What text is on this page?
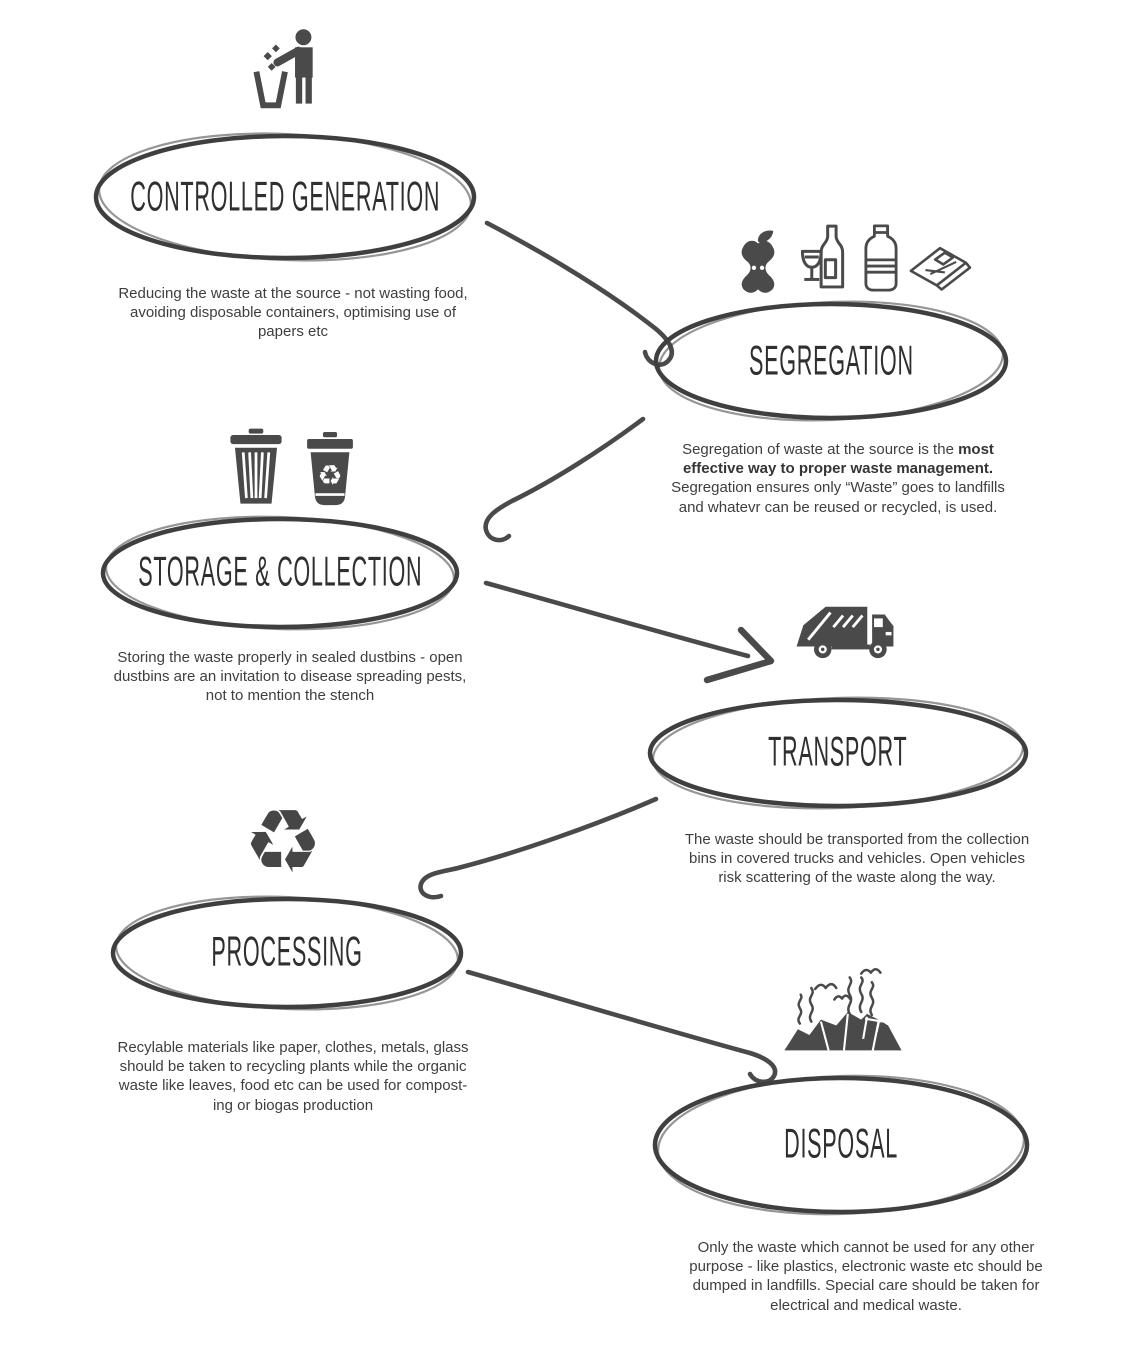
CONTROLLED GENERATION
Reducing the waste at the source - not wasting food,
avoiding disposable containers, optimising use of
papers etc
SEGREGATION
Segregation of waste at the source is the most
effective way to proper waste management.
Segregation ensures only “Waste” goes to landfills
and whatevr can be reused or recycled, is used.
♻
STORAGE & COLLECTION
Storing the waste properly in sealed dustbins - open
dustbins are an invitation to disease spreading pests,
not to mention the stench
TRANSPORT
The waste should be transported from the collection
bins in covered trucks and vehicles. Open vehicles
risk scattering of the waste along the way.
♻
PROCESSING
Recylable materials like paper, clothes, metals, glass
should be taken to recycling plants while the organic
waste like leaves, food etc can be used for compost-
ing or biogas production
DISPOSAL
Only the waste which cannot be used for any other
purpose - like plastics, electronic waste etc should be
dumped in landfills. Special care should be taken for
electrical and medical waste.
